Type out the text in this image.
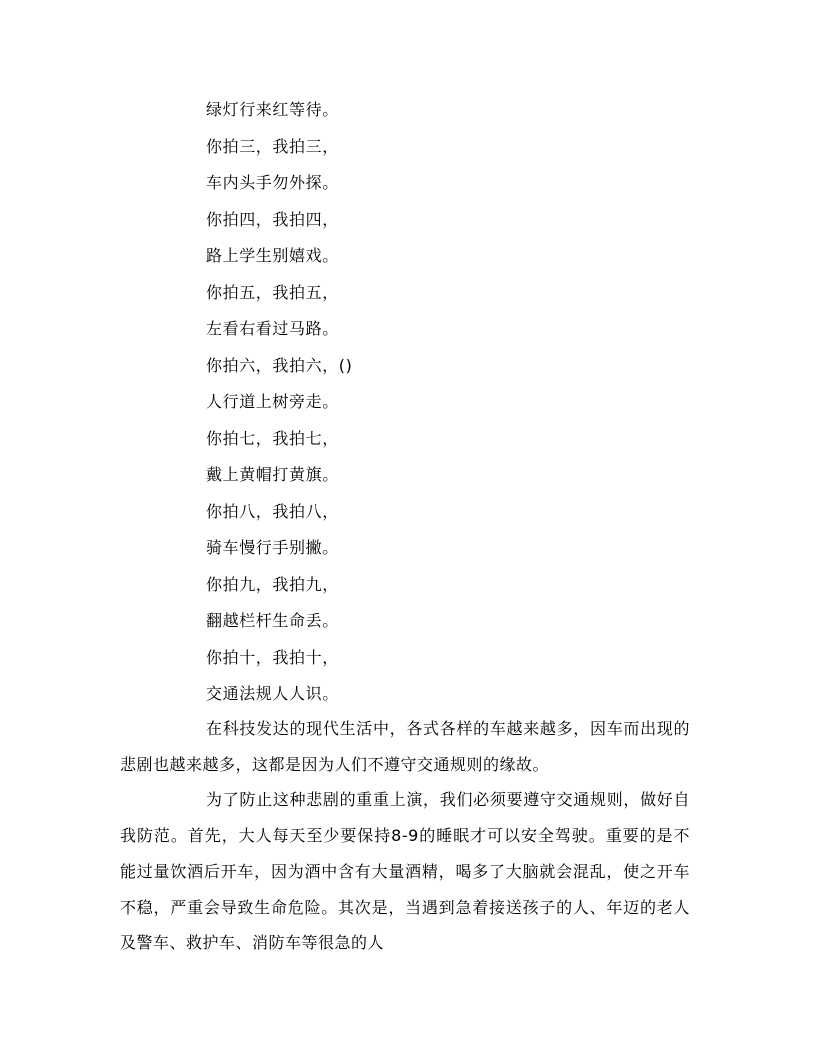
绿灯行来红等待。
你拍三，我拍三，
车内头手勿外探。
你拍四，我拍四，
路上学生别嬉戏。
你拍五，我拍五，
左看右看过马路。
你拍六，我拍六，()
人行道上树旁走。
你拍七，我拍七，
戴上黄帽打黄旗。
你拍八，我拍八，
骑车慢行手别撇。
你拍九，我拍九，
翻越栏杆生命丢。
你拍十，我拍十，
交通法规人人识。

在科技发达的现代生活中，各式各样的车越来越多，因车而出现的悲剧也越来越多，这都是因为人们不遵守交通规则的缘故。

为了防止这种悲剧的重重上演，我们必须要遵守交通规则，做好自我防范。首先，大人每天至少要保持8-9的睡眠才可以安全驾驶。重要的是不能过量饮酒后开车，因为酒中含有大量酒精，喝多了大脑就会混乱，使之开车不稳，严重会导致生命危险。其次是，当遇到急着接送孩子的人、年迈的老人及警车、救护车、消防车等很急的人
